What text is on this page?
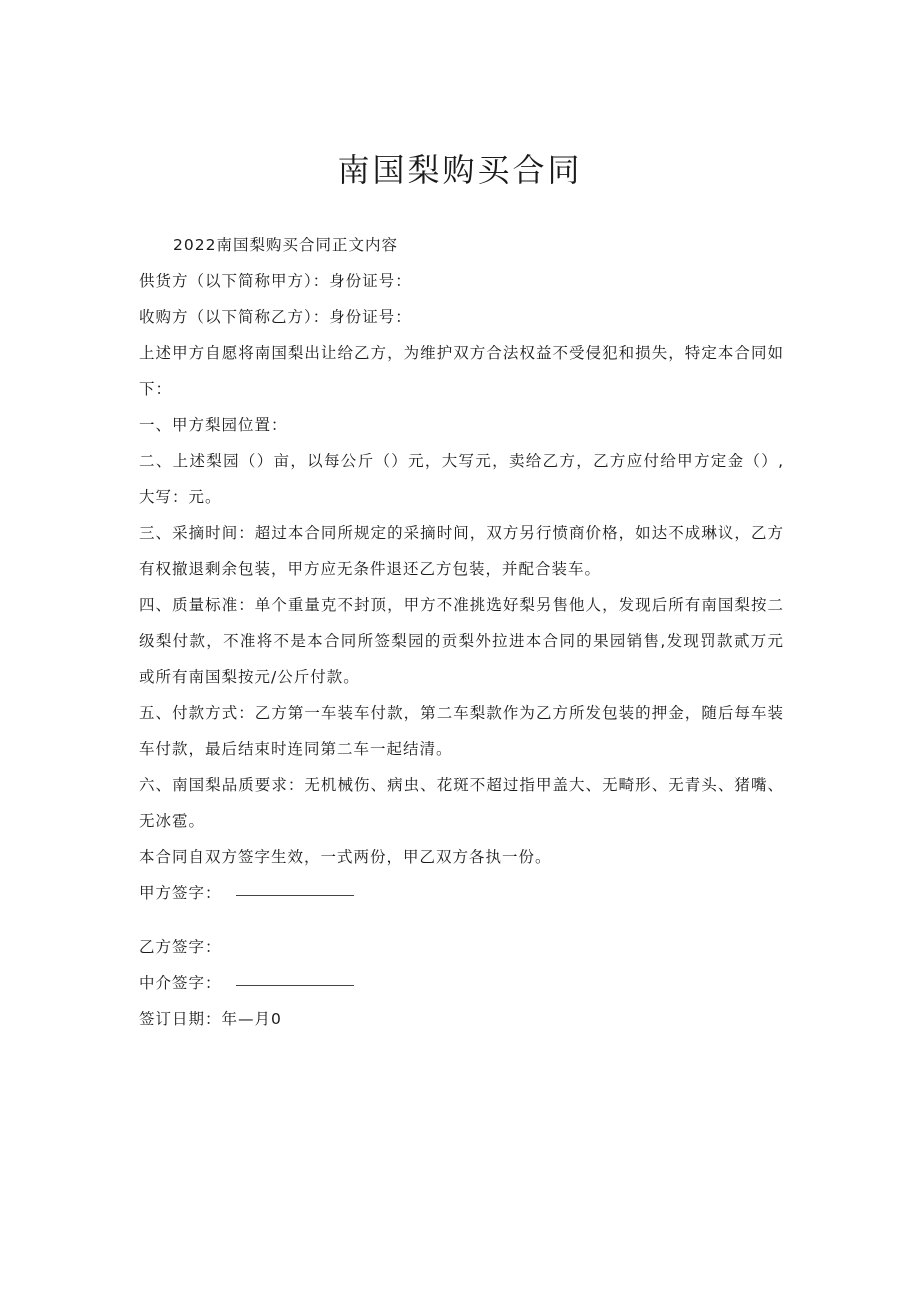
南国梨购买合同

2022南国梨购买合同正文内容

供货方（以下简称甲方）：身份证号：

收购方（以下简称乙方）：身份证号：

上述甲方自愿将南国梨出让给乙方，为维护双方合法权益不受侵犯和损失，特定本合同如下：

一、甲方梨园位置：

二、上述梨园（）亩，以每公斤（）元，大写元，卖给乙方，乙方应付给甲方定金（）,大写：元。

三、采摘时间：超过本合同所规定的采摘时间，双方另行愤商价格，如达不成琳议，乙方有权撤退剩余包装，甲方应无条件退还乙方包装，并配合装车。

四、质量标准：单个重量克不封顶，甲方不准挑选好梨另售他人，发现后所有南国梨按二级梨付款，不准将不是本合同所签梨园的贡梨外拉进本合同的果园销售,发现罚款贰万元或所有南国梨按元/公斤付款。

五、付款方式：乙方第一车装车付款，第二车梨款作为乙方所发包装的押金，随后每车装车付款，最后结束时连同第二车一起结清。

六、南国梨品质要求：无机械伤、病虫、花斑不超过指甲盖大、无畸形、无青头、猪嘴、无冰雹。

本合同自双方签字生效，一式两份，甲乙双方各执一份。

甲方签字：
乙方签字：
中介签字：
签订日期：年—月0
